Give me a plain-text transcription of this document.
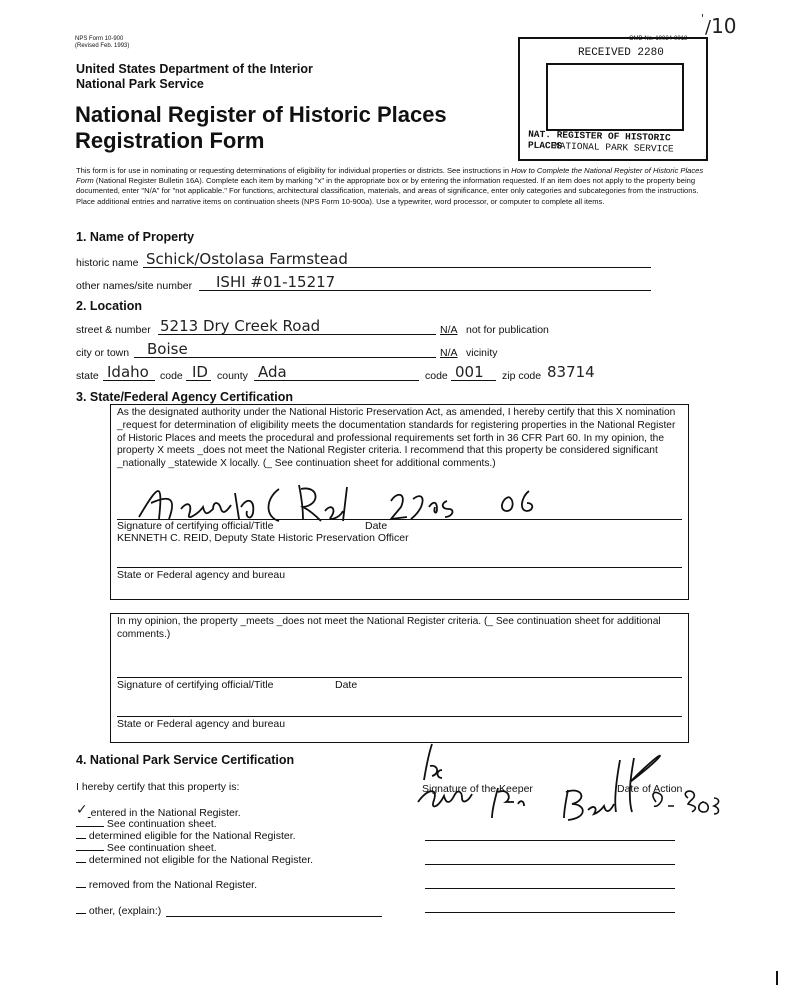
NPS Form 10-900
(Revised Feb. 1993)
OMB No. 10024-0018
' /10
United States Department of the Interior
National Park Service
National Register of Historic Places
Registration Form
RECEIVED 2280
NAT. REGISTER OF HISTORIC PLACES
NATIONAL PARK SERVICE
This form is for use in nominating or requesting determinations of eligibility for individual properties or districts. See instructions in How to Complete the National Register of Historic Places Form (National Register Bulletin 16A). Complete each item by marking "x" in the appropriate box or by entering the information requested. If an item does not apply to the property being documented, enter "N/A" for "not applicable." For functions, architectural classification, materials, and areas of significance, enter only categories and subcategories from the instructions. Place additional entries and narrative items on continuation sheets (NPS Form 10-900a). Use a typewriter, word processor, or computer to complete all items.
1. Name of Property
historic name Schick/Ostolasa Farmstead
other names/site number ISHI #01-15217
2. Location
street & number 5213 Dry Creek Road	N/A not for publication
city or town Boise	N/A vicinity
state Idaho code ID county Ada	code 001 zip code 83714
3. State/Federal Agency Certification
As the designated authority under the National Historic Preservation Act, as amended, I hereby certify that this X nomination _request for determination of eligibility meets the documentation standards for registering properties in the National Register of Historic Places and meets the procedural and professional requirements set forth in 36 CFR Part 60. In my opinion, the property X meets _does not meet the National Register criteria. I recommend that this property be considered significant _nationally _statewide X locally. (_ See continuation sheet for additional comments.)
Signature of certifying official/Title	Date
KENNETH C. REID, Deputy State Historic Preservation Officer
State or Federal agency and bureau
In my opinion, the property _meets _does not meet the National Register criteria. (_ See continuation sheet for additional comments.)
Signature of certifying official/Title	Date
State or Federal agency and bureau
4. National Park Service Certification
I hereby certify that this property is:
✓ entered in the National Register.
See continuation sheet.
determined eligible for the National Register.
See continuation sheet.
determined not eligible for the National Register.
removed from the National Register.
other, (explain:)
Signature of the Keeper	Date of Action
